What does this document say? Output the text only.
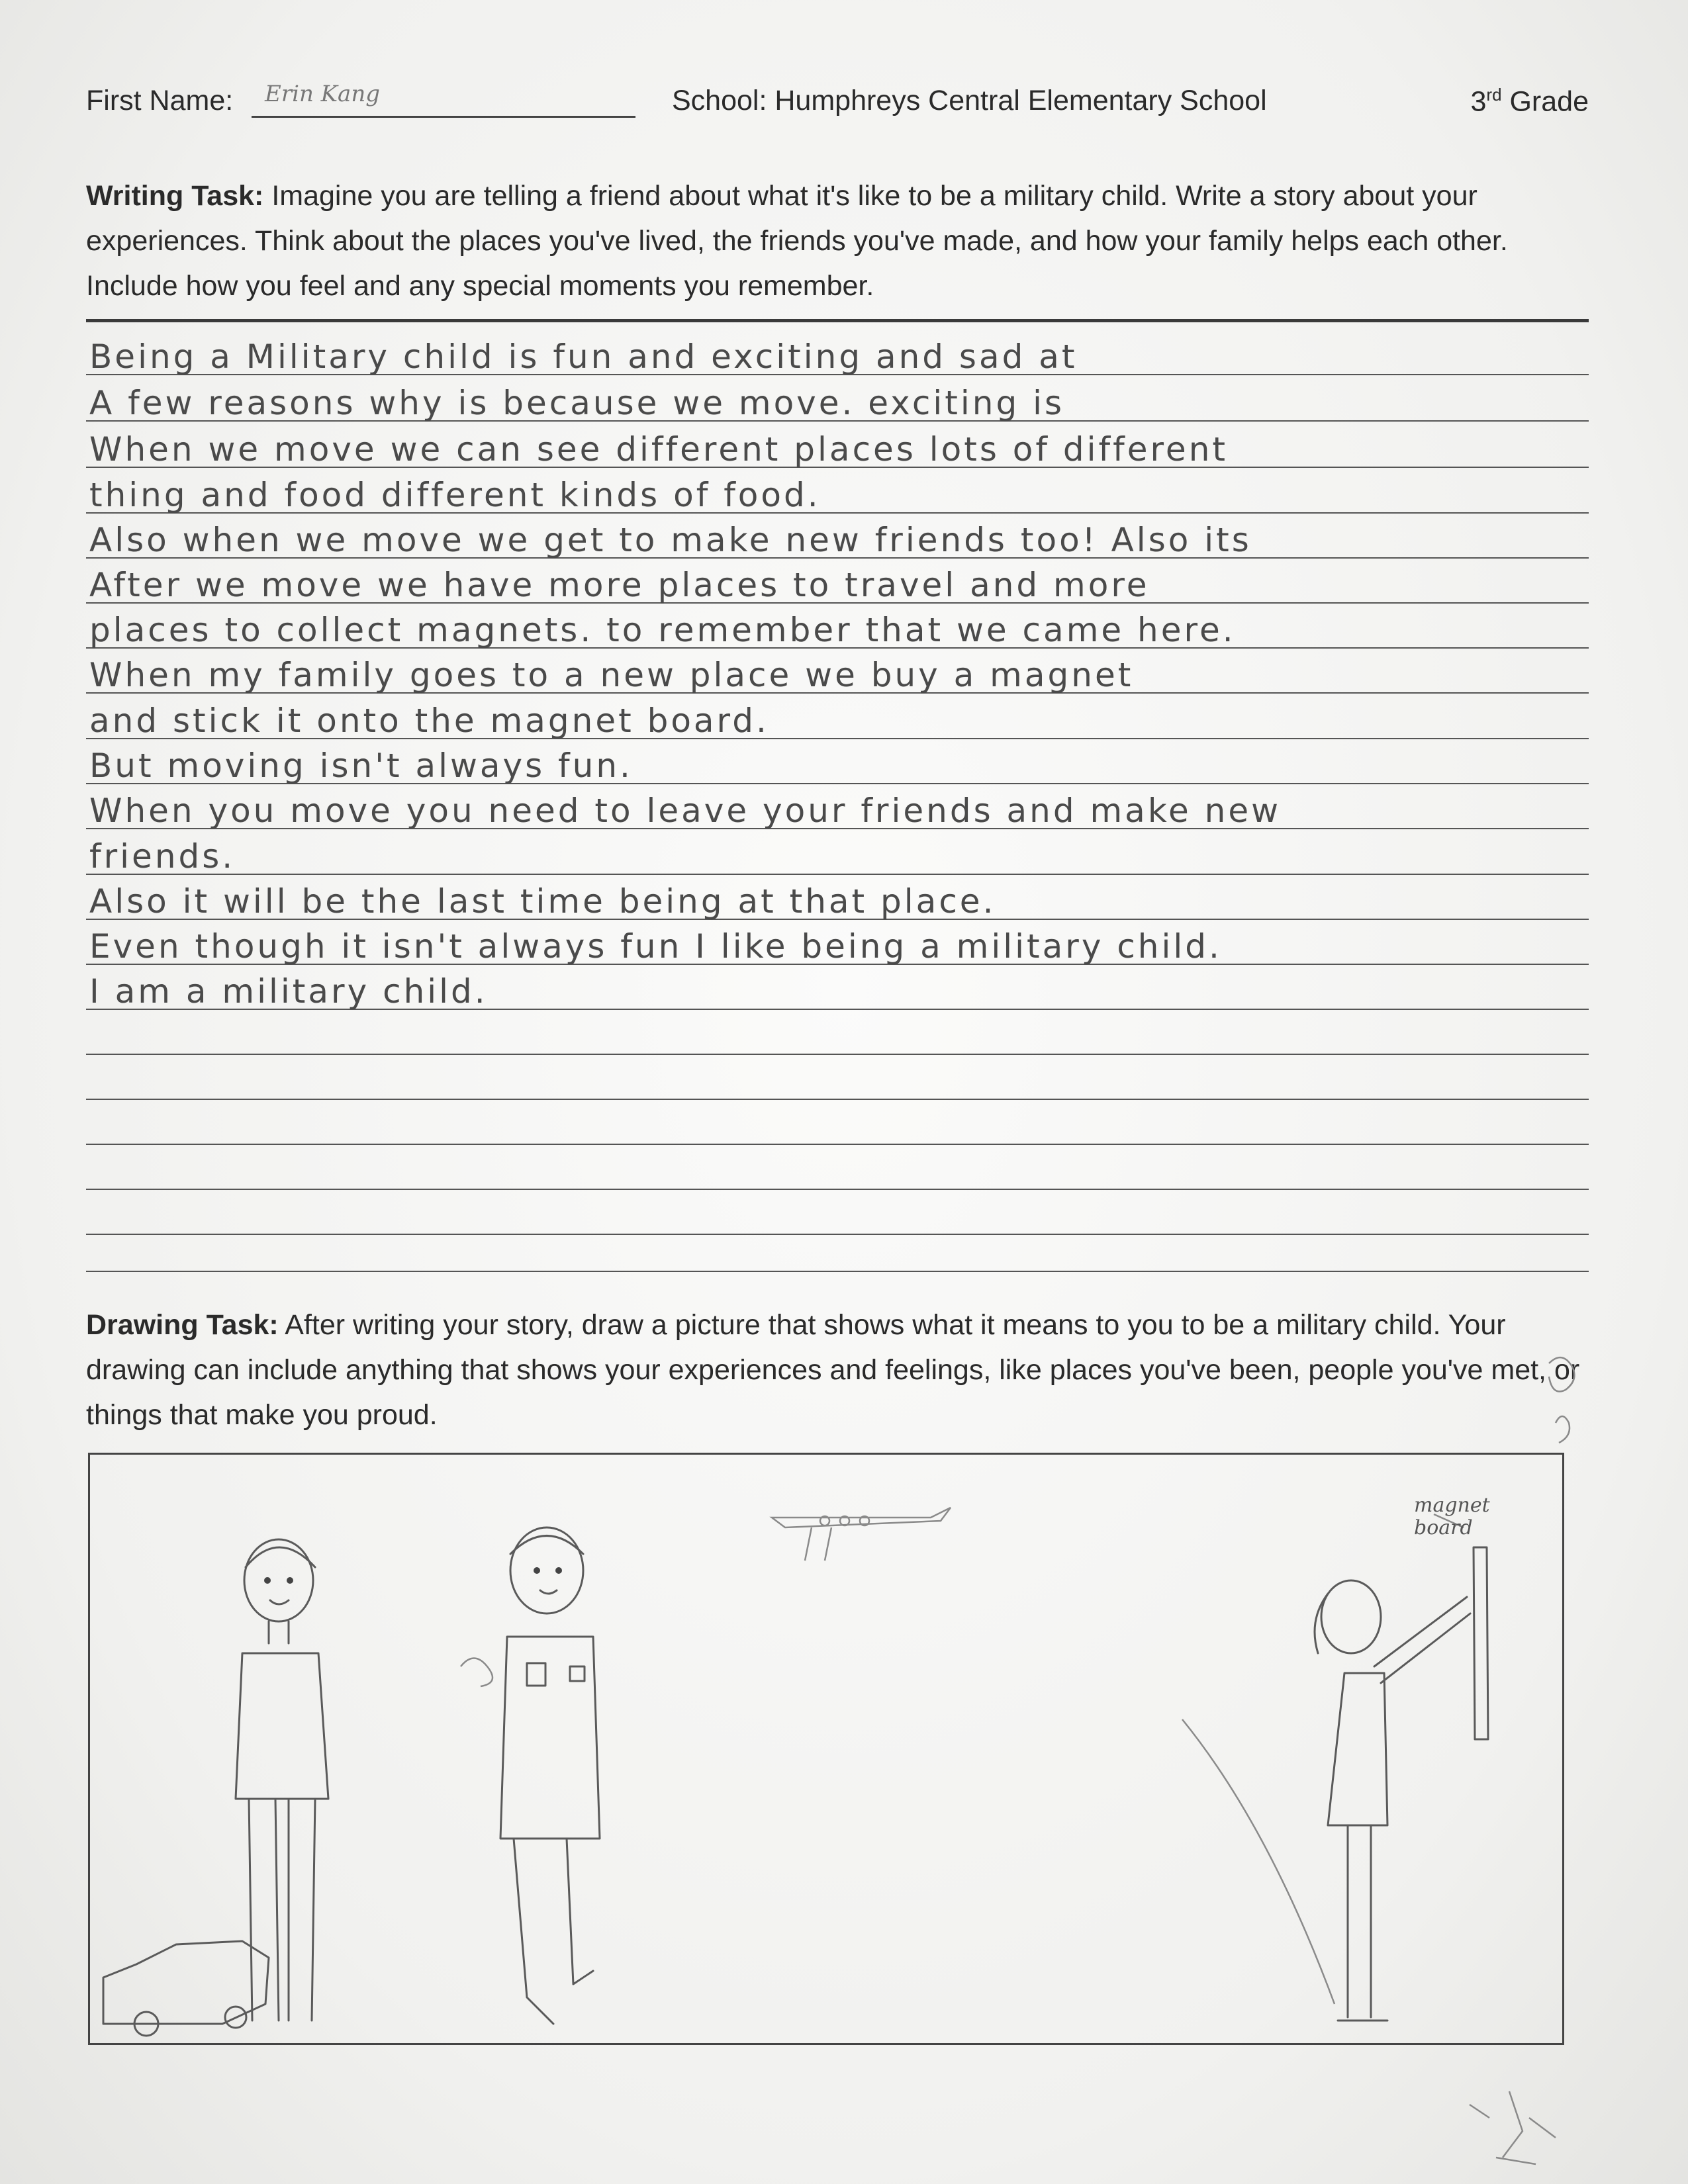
First Name:	Erin Kang	School: Humphreys Central Elementary School	3rd Grade
Writing Task: Imagine you are telling a friend about what it's like to be a military child. Write a story about your experiences. Think about the places you've lived, the friends you've made, and how your family helps each other. Include how you feel and any special moments you remember.
Being a Military child is fun and exciting and sad at
A few reasons why is because we move. exciting is
When we move we can see different places lots of different
thing and food different kinds of food.
Also when we move we get to make new friends too! Also its
After we move we have more places to travel and more
places to collect magnets. to remember that we came here.
When my family goes to a new place we buy a magnet
and stick it onto the magnet board.
But moving isn't always fun.
When you move you need to leave your friends and make new
friends.
Also it will be the last time being at that place.
Even though it isn't always fun I like being a military child.
I am a military child.
Drawing Task: After writing your story, draw a picture that shows what it means to you to be a military child. Your drawing can include anything that shows your experiences and feelings, like places you've been, people you've met, or things that make you proud.
magnet
board
